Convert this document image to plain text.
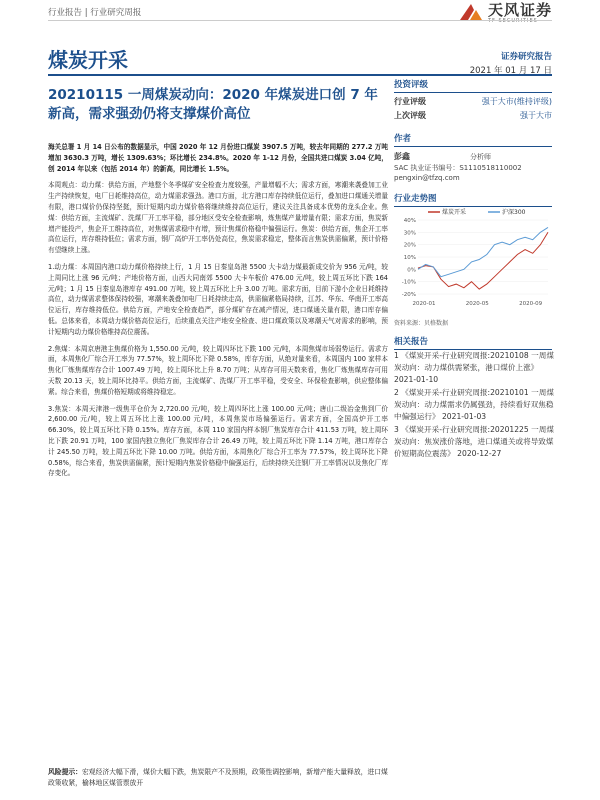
行业报告 | 行业研究周报	天风证券
TF SECURITIES
煤炭开采	证券研究报告
2021 年 01 月 17 日
20210115 一周煤炭动向：2020 年煤炭进口创 7 年新高，需求强劲仍将支撑煤价高位
投资评级
行业评级	强于大市(维持评级)
上次评级	强于大市
作者
彭鑫	分析师
SAC 执业证书编号：S1110518110002
pengxin@tfzq.com
行业走势图
40%
30%
20%
10%
0%
-10%
-20%
2020-01	2020-05	2020-09
煤炭开采	沪深300
资料来源：贝格数据
相关报告
1 《煤炭开采-行业研究周报:20210108 一周煤炭动向：动力煤供需紧张，港口煤价上涨》 2021-01-10
2 《煤炭开采-行业研究周报:20210101 一周煤炭动向：动力煤需求仍属强劲，持续看好双焦稳中偏强运行》 2021-01-03
3 《煤炭开采-行业研究周报:20201225 一周煤炭动向：焦炭涨价落地，进口煤通关或将导致煤价短期高位震荡》 2020-12-27
海关总署 1 月 14 日公布的数据显示，中国 2020 年 12 月份进口煤炭 3907.5 万吨，较去年同期的 277.2 万吨增加 3630.3 万吨，增长 1309.63%；环比增长 234.8%。2020 年 1-12 月份，全国共进口煤炭 3.04 亿吨，创 2014 年以来（包括 2014 年）的新高，同比增长 1.5%。
本周观点：动力煤：供给方面，产地整个冬季煤矿安全检查力度较强，产量增幅不大；需求方面，寒潮来袭叠加工业生产持续恢复，电厂日耗维持高位，动力煤需求强劲。港口方面，北方港口库存持续低位运行，叠加进口煤通关增量有限，港口煤价仍保持坚挺，预计短期内动力煤价格将继续维持高位运行，建议关注具备成本优势的龙头企业。焦煤：供给方面，主流煤矿、洗煤厂开工率平稳，部分地区受安全检查影响，炼焦煤产量增量有限；需求方面，焦炭新增产能投产，焦企开工维持高位，对焦煤需求稳中有增，预计焦煤价格稳中偏强运行。焦炭：供给方面，焦企开工率高位运行，库存维持低位；需求方面，钢厂高炉开工率仍处高位，焦炭需求稳定，整体而言焦炭供需偏紧，预计价格有望继续上涨。
1.动力煤：本周国内港口动力煤价格持续上行，1 月 15 日秦皇岛港 5500 大卡动力煤最新成交价为 956 元/吨，较上周同比上涨 96 元/吨；产地价格方面，山西大同南郊 5500 大卡车板价 476.00 元/吨，较上周五环比下跌 164 元/吨；1 月 15 日秦皇岛港库存 491.00 万吨，较上周五环比上升 3.00 万吨。需求方面，目前下游小企业日耗维持高位，动力煤需求整体保持较强，寒潮来袭叠加电厂日耗持续走高，供需偏紧格局持续，江苏、华东、华南开工率高位运行，库存维持低位。供给方面，产地安全检查趋严，部分煤矿存在减产情况，进口煤通关量有限，港口库存偏低。总体来看，本周动力煤价格高位运行，后续重点关注产地安全检查、进口煤政策以及寒潮天气对需求的影响，预计短期内动力煤价格维持高位震荡。
2.焦煤：本周京唐港主焦煤价格为 1,550.00 元/吨，较上周四环比下跌 100 元/吨，本周焦煤市场弱势运行。需求方面，本周焦化厂综合开工率为 77.57%，较上周环比下降 0.58%，库存方面，从绝对量来看，本周国内 100 家样本焦化厂炼焦煤库存合计 1007.49 万吨，较上周环比上升 8.70 万吨；从库存可用天数来看，焦化厂炼焦煤库存可用天数 20.13 天，较上周环比持平。供给方面，主流煤矿、洗煤厂开工率平稳，受安全、环保检查影响，供应整体偏紧。综合来看，焦煤价格短期或将维持稳定。
3.焦炭：本周天津港一级焦平仓价为 2,720.00 元/吨，较上周四环比上涨 100.00 元/吨；唐山二级冶金焦到厂价 2,600.00 元/吨，较上周五环比上涨 100.00 元/吨，本周焦炭市场偏强运行。需求方面，全国高炉开工率 66.30%，较上周五环比下降 0.15%。库存方面，本周 110 家国内样本钢厂焦炭库存合计 411.53 万吨，较上周环比下跌 20.91 万吨，100 家国内独立焦化厂焦炭库存合计 26.49 万吨，较上周五环比下降 1.14 万吨，港口库存合计 245.50 万吨，较上周五环比下降 10.00 万吨。供给方面，本周焦化厂综合开工率为 77.57%，较上周环比下降 0.58%，综合来看，焦炭供需偏紧，预计短期内焦炭价格稳中偏强运行，后续持续关注钢厂开工率情况以及焦化厂库存变化。
风险提示：宏观经济大幅下滑，煤价大幅下跌，焦炭限产不及预期，政策性调控影响，新增产能大量释放，进口煤政策收紧，榆林地区煤管票放开
